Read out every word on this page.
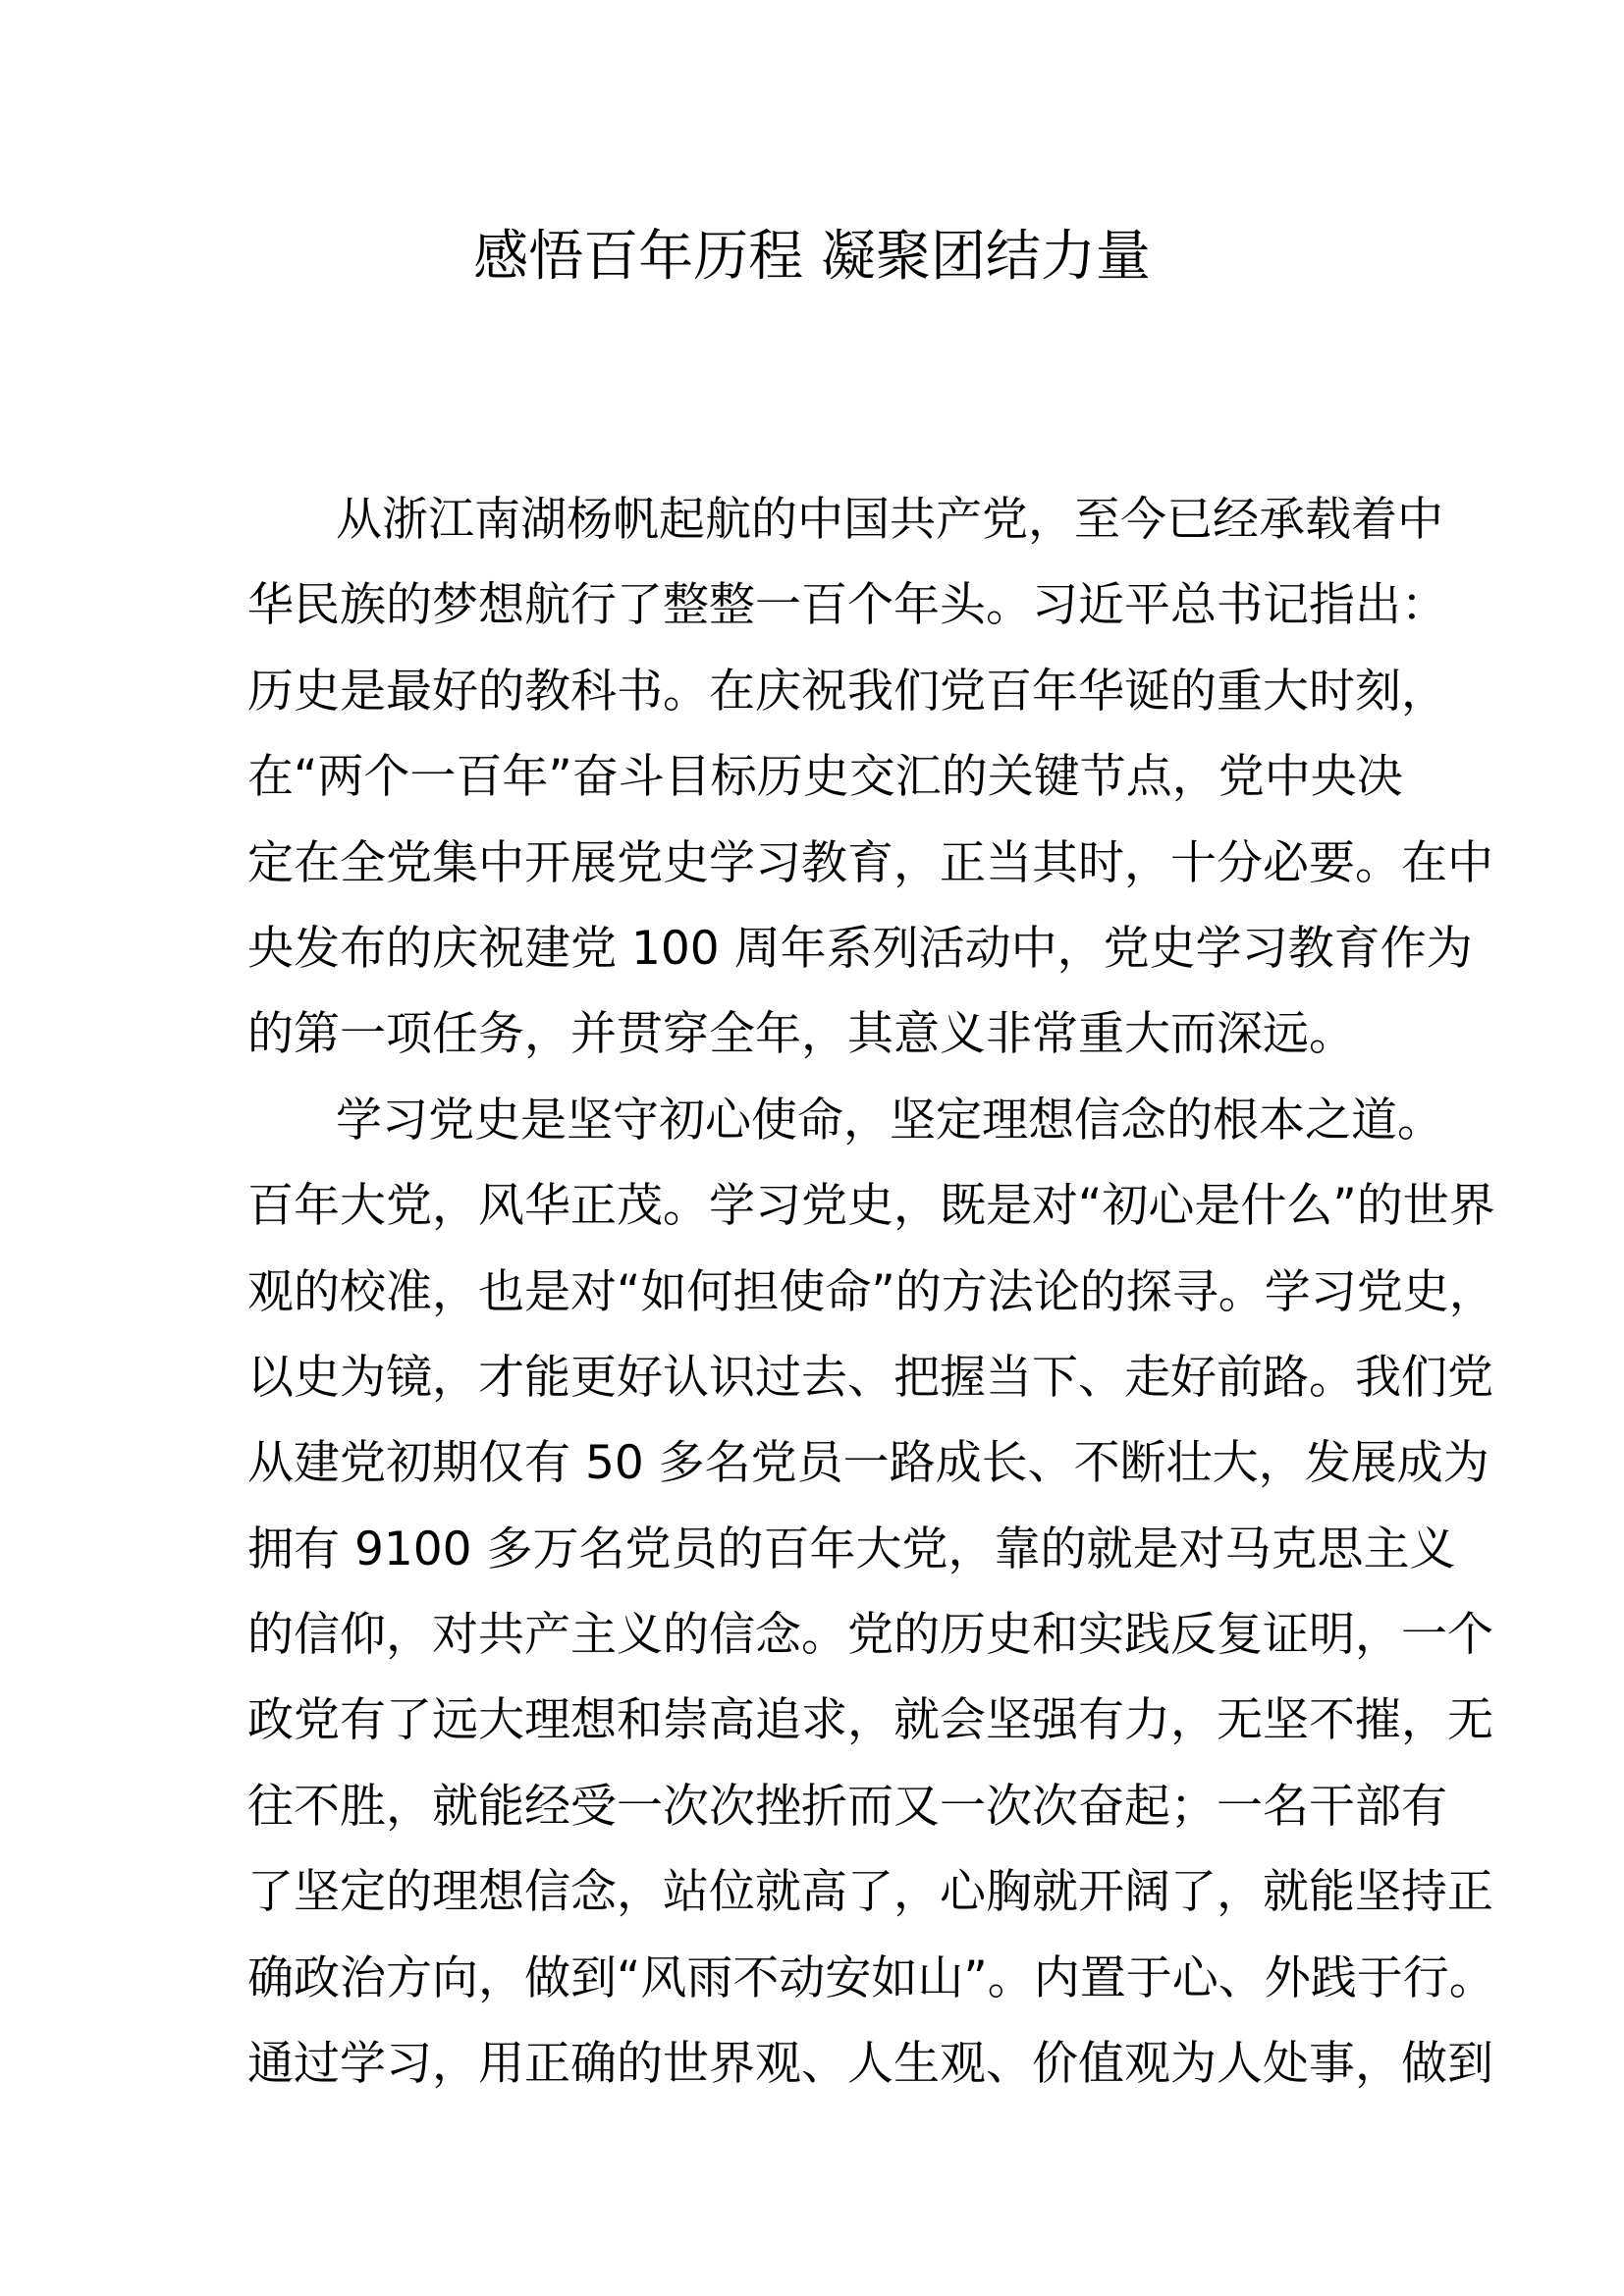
感悟百年历程 凝聚团结力量
从浙江南湖杨帆起航的中国共产党，至今已经承载着中
华民族的梦想航行了整整一百个年头。习近平总书记指出：
历史是最好的教科书。在庆祝我们党百年华诞的重大时刻，
在“两个一百年”奋斗目标历史交汇的关键节点，党中央决
定在全党集中开展党史学习教育，正当其时，十分必要。在中
央发布的庆祝建党 100 周年系列活动中，党史学习教育作为
的第一项任务，并贯穿全年，其意义非常重大而深远。
学习党史是坚守初心使命，坚定理想信念的根本之道。
百年大党，风华正茂。学习党史，既是对“初心是什么”的世界
观的校准，也是对“如何担使命”的方法论的探寻。学习党史，
以史为镜，才能更好认识过去、把握当下、走好前路。我们党
从建党初期仅有 50 多名党员一路成长、不断壮大，发展成为
拥有 9100 多万名党员的百年大党，靠的就是对马克思主义
的信仰，对共产主义的信念。党的历史和实践反复证明，一个
政党有了远大理想和崇高追求，就会坚强有力，无坚不摧，无
往不胜，就能经受一次次挫折而又一次次奋起；一名干部有
了坚定的理想信念，站位就高了，心胸就开阔了，就能坚持正
确政治方向，做到“风雨不动安如山”。内置于心、外践于行。
通过学习，用正确的世界观、人生观、价值观为人处事，做到
